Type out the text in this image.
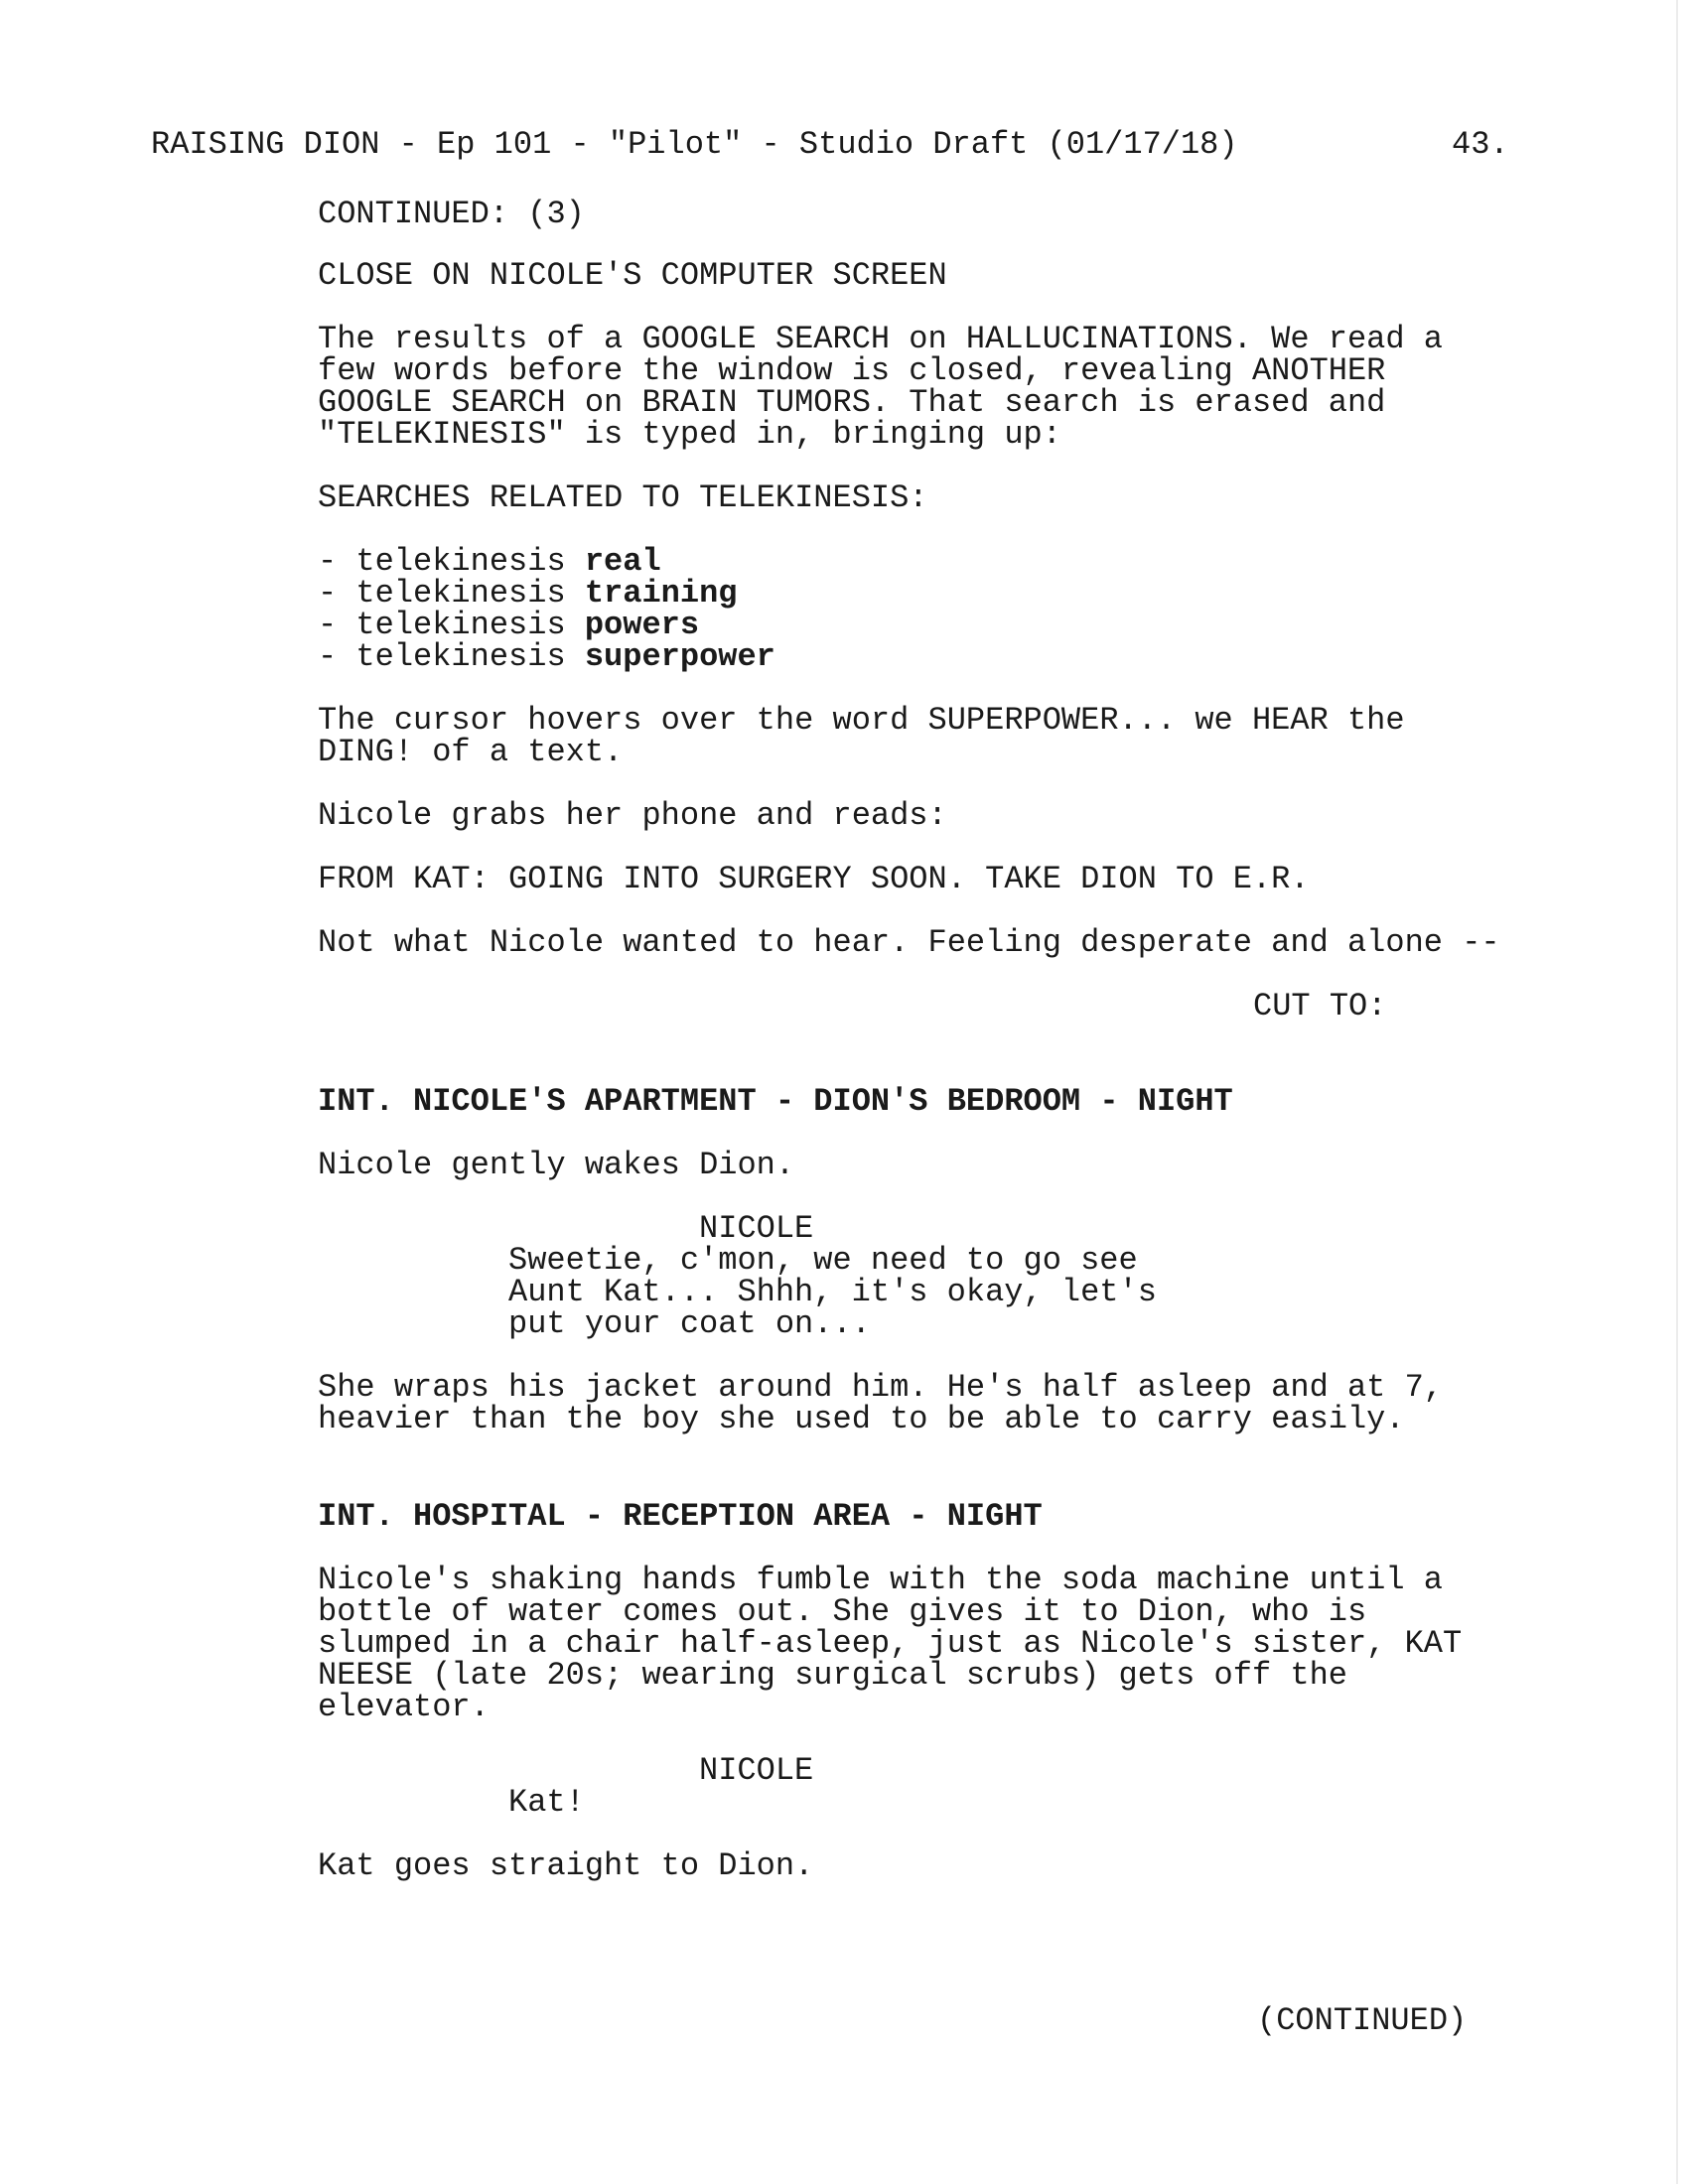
RAISING DION - Ep 101 - "Pilot" - Studio Draft (01/17/18)	43.
CONTINUED: (3)
CLOSE ON NICOLE'S COMPUTER SCREEN
The results of a GOOGLE SEARCH on HALLUCINATIONS. We read a
few words before the window is closed, revealing ANOTHER
GOOGLE SEARCH on BRAIN TUMORS. That search is erased and
"TELEKINESIS" is typed in, bringing up:
SEARCHES RELATED TO TELEKINESIS:
- telekinesis real
- telekinesis training
- telekinesis powers
- telekinesis superpower
The cursor hovers over the word SUPERPOWER... we HEAR the
DING! of a text.
Nicole grabs her phone and reads:
FROM KAT: GOING INTO SURGERY SOON. TAKE DION TO E.R.
Not what Nicole wanted to hear. Feeling desperate and alone --
CUT TO:
INT. NICOLE'S APARTMENT - DION'S BEDROOM - NIGHT
Nicole gently wakes Dion.
NICOLE
Sweetie, c'mon, we need to go see
Aunt Kat... Shhh, it's okay, let's
put your coat on...
She wraps his jacket around him. He's half asleep and at 7,
heavier than the boy she used to be able to carry easily.
INT. HOSPITAL - RECEPTION AREA - NIGHT
Nicole's shaking hands fumble with the soda machine until a
bottle of water comes out. She gives it to Dion, who is
slumped in a chair half-asleep, just as Nicole's sister, KAT
NEESE (late 20s; wearing surgical scrubs) gets off the
elevator.
NICOLE
Kat!
Kat goes straight to Dion.
(CONTINUED)
